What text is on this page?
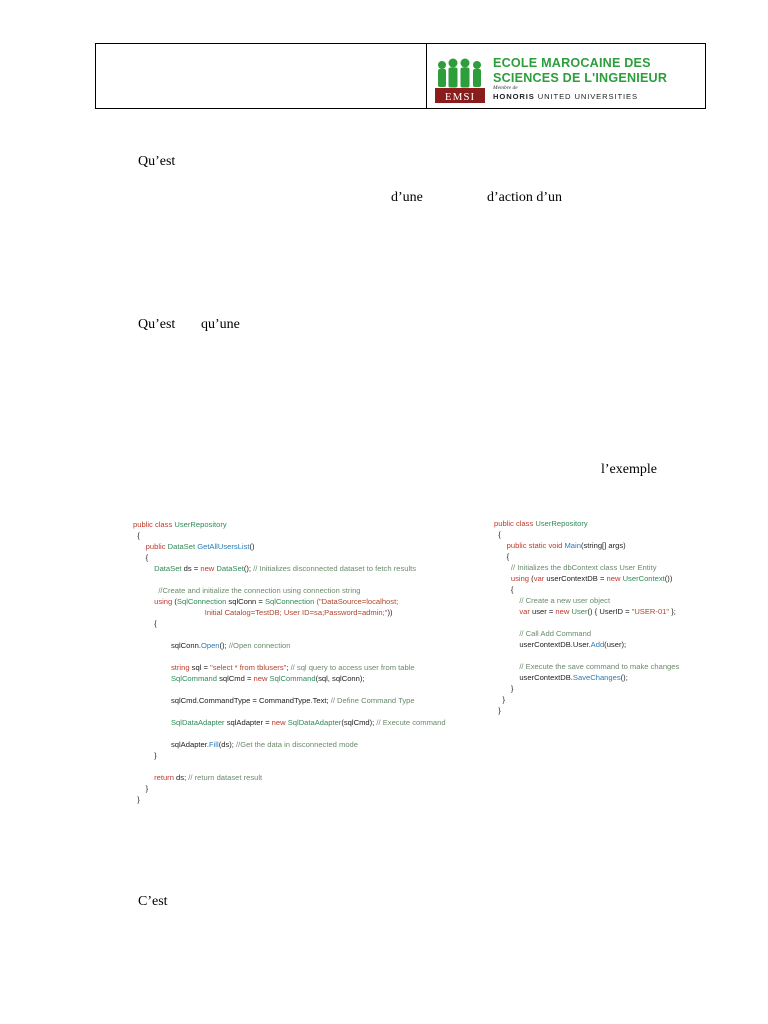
EMSI
ECOLE MAROCAINE DES
SCIENCES DE L'INGENIEUR
Membre de
HONORIS UNITED UNIVERSITIES
Qu’est
d’une	d’action d’un
Qu’est qu’une
l’exemple
public class UserRepository
{
public DataSet GetAllUsersList()
{
DataSet ds = new DataSet(); // Initializes disconnected dataset to fetch results
//Create and initialize the connection using connection string
using (SqlConnection sqlConn = SqlConnection ("DataSource=localhost;
Initial Catalog=TestDB; User ID=sa;Password=admin;"))
{
sqlConn.Open(); //Open connection
string sql = "select * from tblusers"; // sql query to access user from table
SqlCommand sqlCmd = new SqlCommand(sql, sqlConn);
sqlCmd.CommandType = CommandType.Text; // Define Command Type
SqlDataAdapter sqlAdapter = new SqlDataAdapter(sqlCmd); // Execute command
sqlAdapter.Fill(ds); //Get the data in disconnected mode
}
return ds; // return dataset result
}
}
public class UserRepository
{
public static void Main(string[] args)
{
// Initializes the dbContext class User Entity
using (var userContextDB = new UserContext())
{
// Create a new user object
var user = new User() { UserID = "USER-01" };
// Call Add Command
userContextDB.User.Add(user);
// Execute the save command to make changes
userContextDB.SaveChanges();
}
}
}
C’est
